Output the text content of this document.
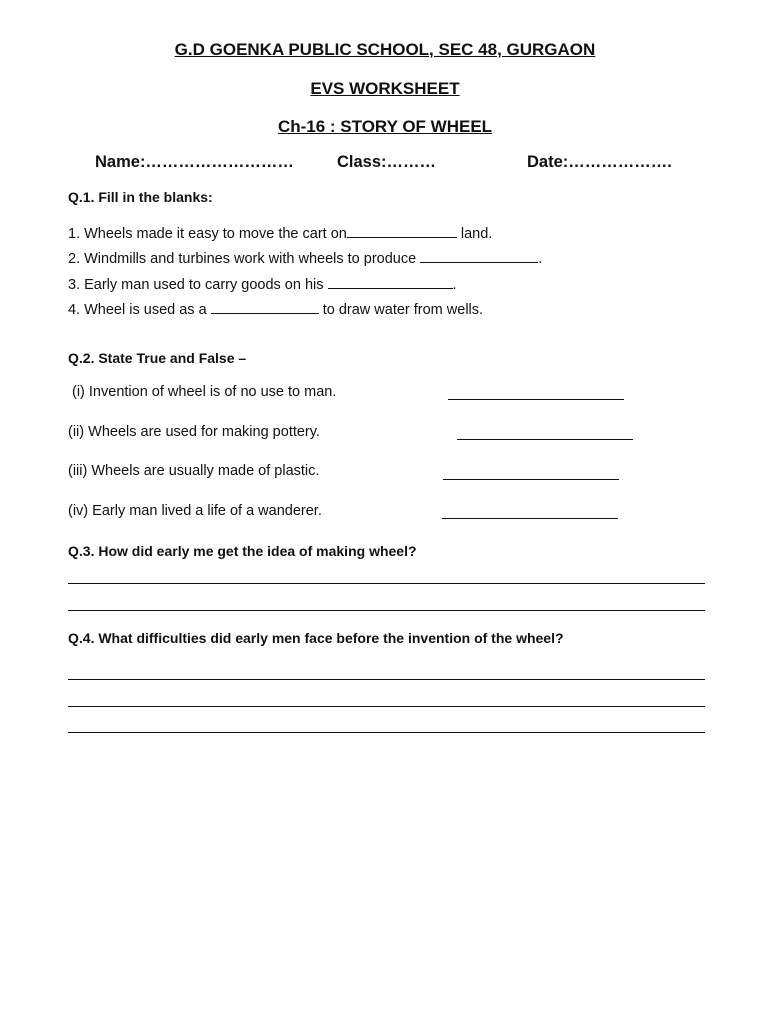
G.D GOENKA PUBLIC SCHOOL, SEC 48, GURGAON
EVS WORKSHEET
Ch-16 : STORY OF WHEEL
Name:………………………	Class:………	Date:……………….
Q.1. Fill in the blanks:
1. Wheels made it easy to move the cart on	land.
2. Windmills and turbines work with wheels to produce	.
3. Early man used to carry goods on his	.
4. Wheel is used as a	to draw water from wells.
Q.2. State True and False –
(i) Invention of wheel is of no use to man.
(ii) Wheels are used for making pottery.
(iii) Wheels are usually made of plastic.
(iv) Early man lived a life of a wanderer.
Q.3. How did early me get the idea of making wheel?
Q.4. What difficulties did early men face before the invention of the wheel?
